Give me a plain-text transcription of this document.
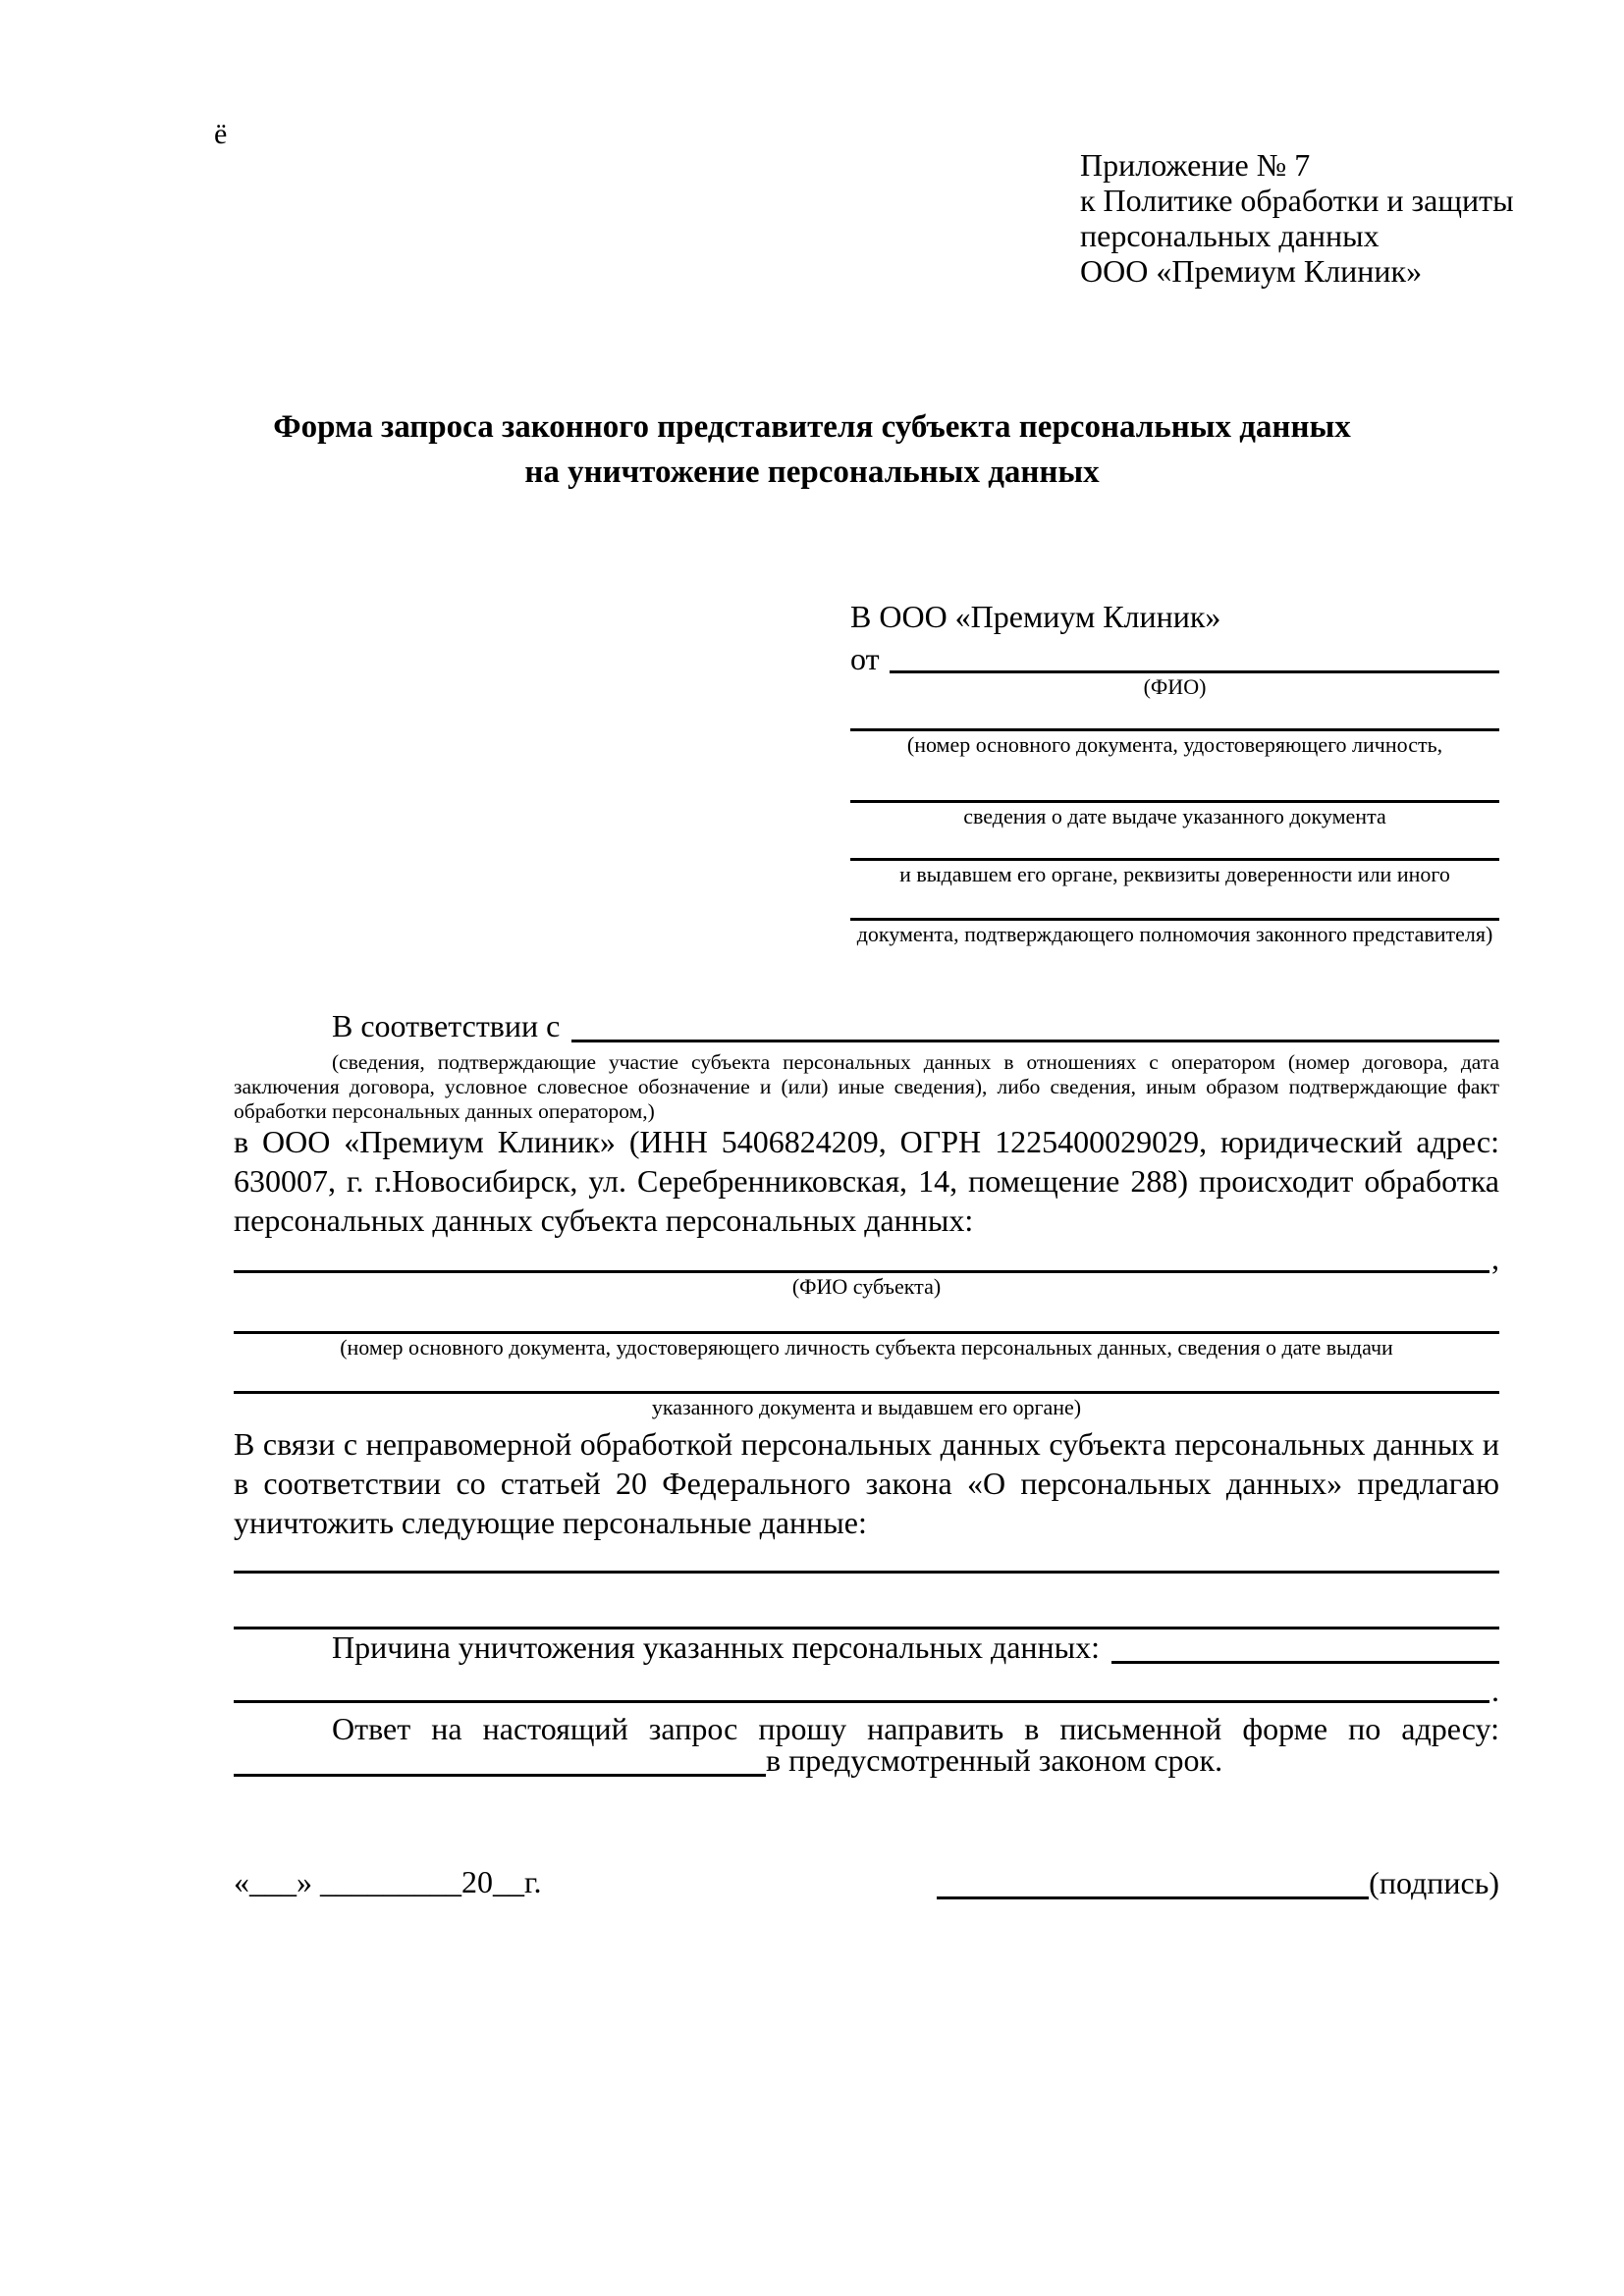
ё
Приложение № 7
к Политике обработки и защиты
персональных данных
ООО «Премиум Клиник»
Форма запроса законного представителя субъекта персональных данных
на уничтожение персональных данных
В ООО «Премиум Клиник»
от
(ФИО)
(номер основного документа, удостоверяющего личность,
сведения о дате выдаче указанного документа
и выдавшем его органе, реквизиты доверенности или иного
документа, подтверждающего полномочия законного представителя)
В соответствии с
(сведения, подтверждающие участие субъекта персональных данных в отношениях с оператором (номер договора, дата заключения договора, условное словесное обозначение и (или) иные сведения), либо сведения, иным образом подтверждающие факт обработки персональных данных оператором,)

в ООО «Премиум Клиник» (ИНН 5406824209, ОГРН 1225400029029, юридический адрес: 630007, г. г.Новосибирск, ул. Серебренниковская, 14, помещение 288) происходит обработка персональных данных субъекта персональных данных:

,
(ФИО субъекта)
(номер основного документа, удостоверяющего личность субъекта персональных данных, сведения о дате выдачи
указанного документа и выдавшем его органе)

В связи с неправомерной обработкой персональных данных субъекта персональных данных и в соответствии со статьей 20 Федерального закона «О персональных данных» предлагаю уничтожить следующие персональные данные:

Причина уничтожения указанных персональных данных:
.

Ответ на настоящий запрос прошу направить в письменной форме по адресу:

в предусмотренный законом срок.
«___» _________20__г.	(подпись)
